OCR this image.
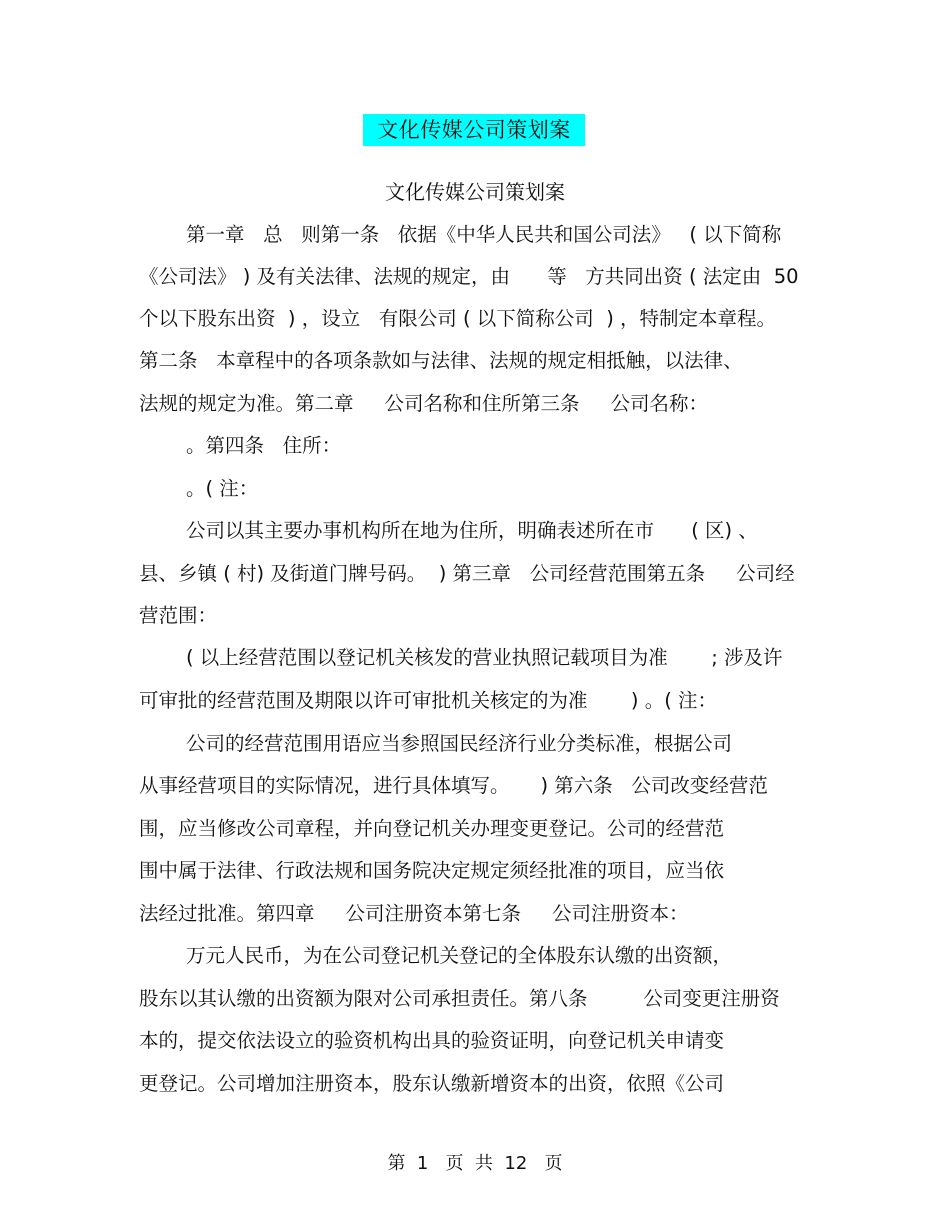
文化传媒公司策划案
文化传媒公司策划案
第一章   总   则第一条   依据《中华人民共和国公司法》   ( 以下简称
《公司法》 ) 及有关法律、法规的规定，由      等   方共同出资 ( 法定由  50
个以下股东出资  ) ，设立   有限公司 ( 以下简称公司  ) ，特制定本章程。
第二条   本章程中的各项条款如与法律、法规的规定相抵触，以法律、
法规的规定为准。第二章     公司名称和住所第三条     公司名称：
。第四条   住所：
。( 注：
公司以其主要办事机构所在地为住所，明确表述所在市      ( 区) 、
县、乡镇 ( 村) 及街道门牌号码。  ) 第三章   公司经营范围第五条     公司经
营范围：
( 以上经营范围以登记机关核发的营业执照记载项目为准       ; 涉及许
可审批的经营范围及期限以许可审批机关核定的为准       ) 。( 注：
公司的经营范围用语应当参照国民经济行业分类标准，根据公司
从事经营项目的实际情况，进行具体填写。     ) 第六条   公司改变经营范
围，应当修改公司章程，并向登记机关办理变更登记。公司的经营范
围中属于法律、行政法规和国务院决定规定须经批准的项目，应当依
法经过批准。第四章     公司注册资本第七条     公司注册资本：
万元人民币，为在公司登记机关登记的全体股东认缴的出资额，
股东以其认缴的出资额为限对公司承担责任。第八条         公司变更注册资
本的，提交依法设立的验资机构出具的验资证明，向登记机关申请变
更登记。公司增加注册资本，股东认缴新增资本的出资，依照《公司
第  1   页  共  12   页
